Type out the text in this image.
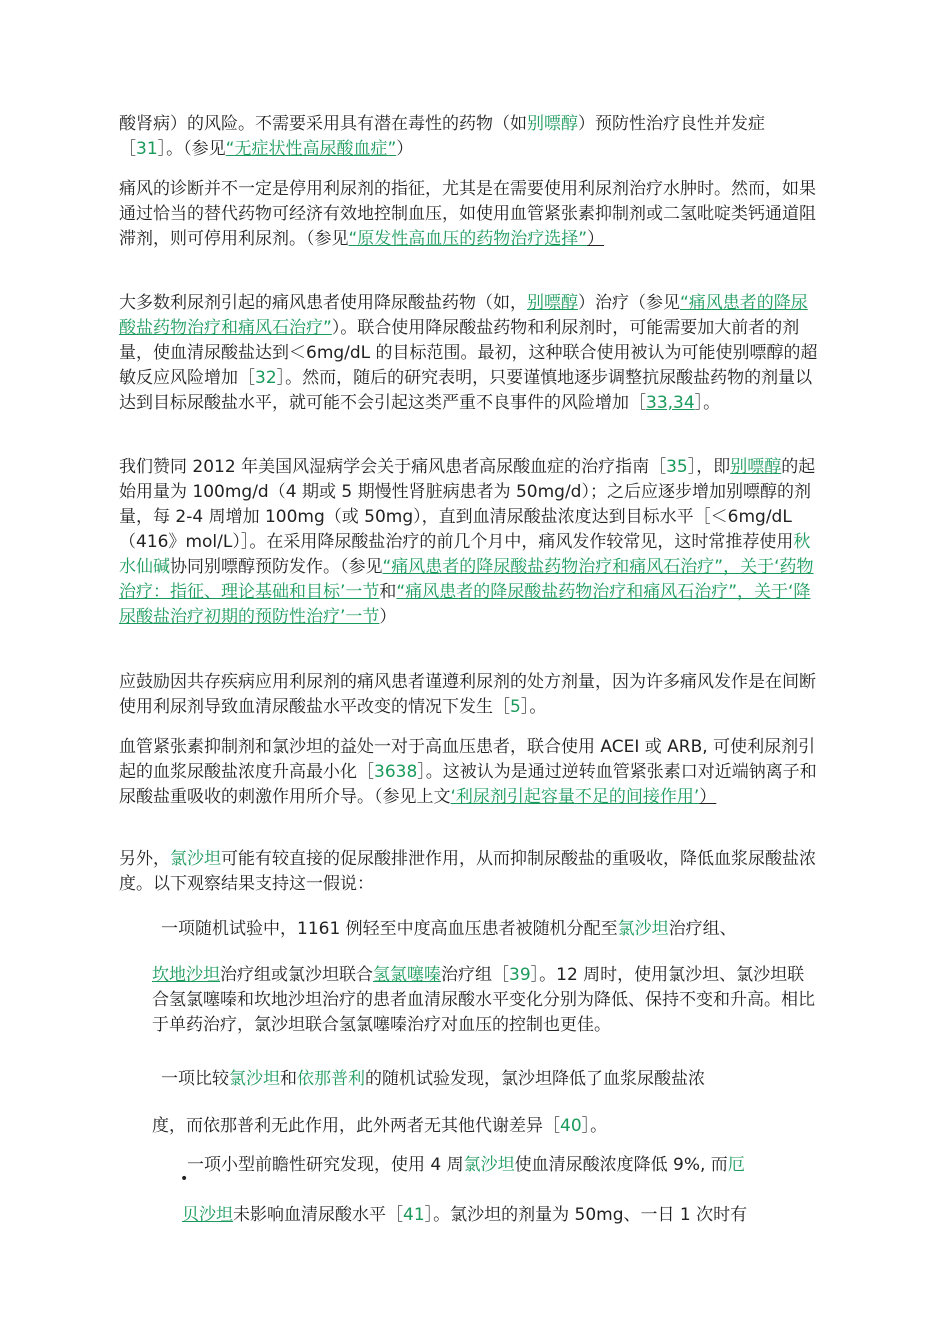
酸肾病）的风险。不需要采用具有潜在毒性的药物（如别嘌醇）预防性治疗良性并发症［31］。（参见“无症状性高尿酸血症”）

痛风的诊断并不一定是停用利尿剂的指征，尤其是在需要使用利尿剂治疗水肿时。然而，如果通过恰当的替代药物可经济有效地控制血压，如使用血管紧张素抑制剂或二氢吡啶类钙通道阻滞剂，则可停用利尿剂。（参见“原发性高血压的药物治疗选择”）

大多数利尿剂引起的痛风患者使用降尿酸盐药物（如，别嘌醇）治疗（参见“痛风患者的降尿酸盐药物治疗和痛风石治疗”）。联合使用降尿酸盐药物和利尿剂时，可能需要加大前者的剂量，使血清尿酸盐达到＜6mg/dL 的目标范围。最初，这种联合使用被认为可能使别嘌醇的超敏反应风险增加［32］。然而，随后的研究表明，只要谨慎地逐步调整抗尿酸盐药物的剂量以达到目标尿酸盐水平，就可能不会引起这类严重不良事件的风险增加［33,34］。

我们赞同 2012 年美国风湿病学会关于痛风患者高尿酸血症的治疗指南［35］，即别嘌醇的起始用量为 100mg/d（4 期或 5 期慢性肾脏病患者为 50mg/d）；之后应逐步增加别嘌醇的剂量，每 2-4 周增加 100mg（或 50mg），直到血清尿酸盐浓度达到目标水平［＜6mg/dL（416》mol/L）］。在采用降尿酸盐治疗的前几个月中，痛风发作较常见，这时常推荐使用秋水仙碱协同别嘌醇预防发作。（参见“痛风患者的降尿酸盐药物治疗和痛风石治疗”，关于‘药物治疗：指征、理论基础和目标’一节和“痛风患者的降尿酸盐药物治疗和痛风石治疗”，关于‘降尿酸盐治疗初期的预防性治疗’一节）

应鼓励因共存疾病应用利尿剂的痛风患者谨遵利尿剂的处方剂量，因为许多痛风发作是在间断使用利尿剂导致血清尿酸盐水平改变的情况下发生［5］。

血管紧张素抑制剂和氯沙坦的益处一对于高血压患者，联合使用 ACEI 或 ARB, 可使利尿剂引起的血浆尿酸盐浓度升高最小化［3638］。这被认为是通过逆转血管紧张素口对近端钠离子和尿酸盐重吸收的刺激作用所介导。（参见上文‘利尿剂引起容量不足的间接作用’）

另外，氯沙坦可能有较直接的促尿酸排泄作用，从而抑制尿酸盐的重吸收，降低血浆尿酸盐浓度。以下观察结果支持这一假说：

一项随机试验中，1161 例轻至中度高血压患者被随机分配至氯沙坦治疗组、

坎地沙坦治疗组或氯沙坦联合氢氯噻嗪治疗组［39］。12 周时，使用氯沙坦、氯沙坦联合氢氯噻嗪和坎地沙坦治疗的患者血清尿酸水平变化分别为降低、保持不变和升高。相比于单药治疗，氯沙坦联合氢氯噻嗪治疗对血压的控制也更佳。

一项比较氯沙坦和依那普利的随机试验发现，氯沙坦降低了血浆尿酸盐浓

度，而依那普利无此作用，此外两者无其他代谢差异［40］。

•

一项小型前瞻性研究发现，使用 4 周氯沙坦使血清尿酸浓度降低 9%, 而厄

贝沙坦未影响血清尿酸水平［41］。氯沙坦的剂量为 50mg、一日 1 次时有
